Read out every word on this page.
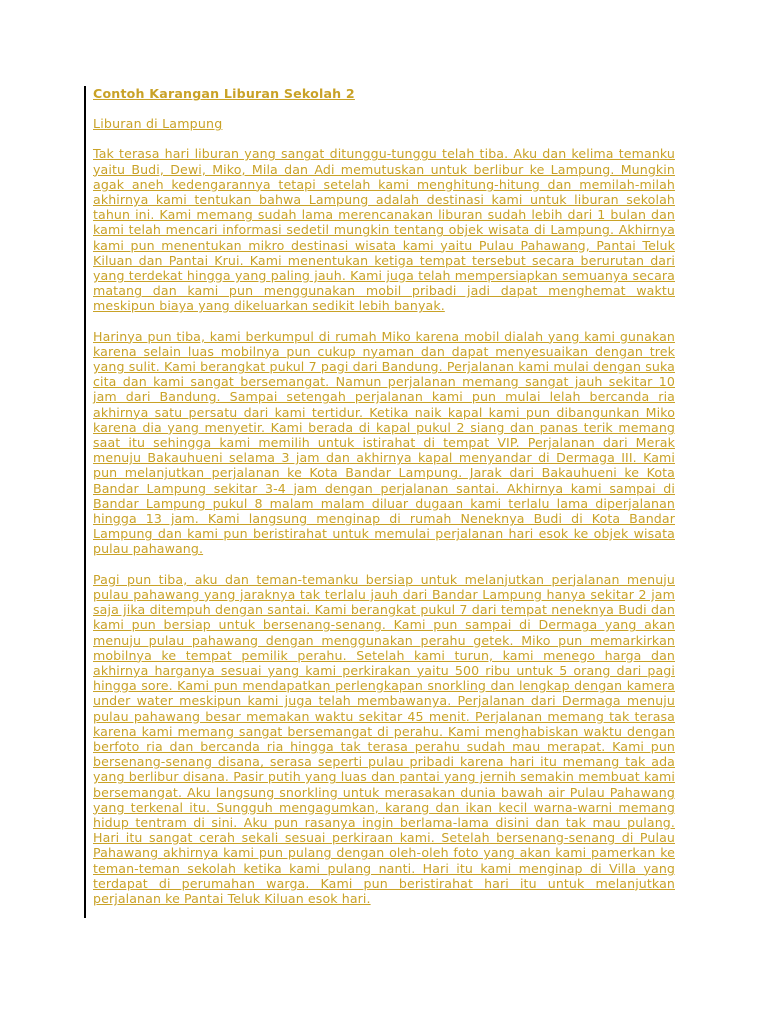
Contoh Karangan Liburan Sekolah 2
Liburan di Lampung
Tak terasa hari liburan yang sangat ditunggu-tunggu telah tiba. Aku dan kelima temanku yaitu Budi, Dewi, Miko, Mila dan Adi memutuskan untuk berlibur ke Lampung. Mungkin agak aneh kedengarannya tetapi setelah kami menghitung-hitung dan memilah-milah akhirnya kami tentukan bahwa Lampung adalah destinasi kami untuk liburan sekolah tahun ini. Kami memang sudah lama merencanakan liburan sudah lebih dari 1 bulan dan kami telah mencari informasi sedetil mungkin tentang objek wisata di Lampung. Akhirnya kami pun menentukan mikro destinasi wisata kami yaitu Pulau Pahawang, Pantai Teluk Kiluan dan Pantai Krui. Kami menentukan ketiga tempat tersebut secara berurutan dari yang terdekat hingga yang paling jauh. Kami juga telah mempersiapkan semuanya secara matang dan kami pun menggunakan mobil pribadi jadi dapat menghemat waktu meskipun biaya yang dikeluarkan sedikit lebih banyak.
Harinya pun tiba, kami berkumpul di rumah Miko karena mobil dialah yang kami gunakan karena selain luas mobilnya pun cukup nyaman dan dapat menyesuaikan dengan trek yang sulit. Kami berangkat pukul 7 pagi dari Bandung. Perjalanan kami mulai dengan suka cita dan kami sangat bersemangat. Namun perjalanan memang sangat jauh sekitar 10 jam dari Bandung. Sampai setengah perjalanan kami pun mulai lelah bercanda ria akhirnya satu persatu dari kami tertidur. Ketika naik kapal kami pun dibangunkan Miko karena dia yang menyetir. Kami berada di kapal pukul 2 siang dan panas terik memang saat itu sehingga kami memilih untuk istirahat di tempat VIP. Perjalanan dari Merak menuju Bakauhueni selama 3 jam dan akhirnya kapal menyandar di Dermaga III. Kami pun melanjutkan perjalanan ke Kota Bandar Lampung. Jarak dari Bakauhueni ke Kota Bandar Lampung sekitar 3-4 jam dengan perjalanan santai. Akhirnya kami sampai di Bandar Lampung pukul 8 malam malam diluar dugaan kami terlalu lama diperjalanan hingga 13 jam. Kami langsung menginap di rumah Neneknya Budi di Kota Bandar Lampung dan kami pun beristirahat untuk memulai perjalanan hari esok ke objek wisata pulau pahawang.
Pagi pun tiba, aku dan teman-temanku bersiap untuk melanjutkan perjalanan menuju pulau pahawang yang jaraknya tak terlalu jauh dari Bandar Lampung hanya sekitar 2 jam saja jika ditempuh dengan santai. Kami berangkat pukul 7 dari tempat neneknya Budi dan kami pun bersiap untuk bersenang-senang. Kami pun sampai di Dermaga yang akan menuju pulau pahawang dengan menggunakan perahu getek. Miko pun memarkirkan mobilnya ke tempat pemilik perahu. Setelah kami turun, kami menego harga dan akhirnya harganya sesuai yang kami perkirakan yaitu 500 ribu untuk 5 orang dari pagi hingga sore. Kami pun mendapatkan perlengkapan snorkling dan lengkap dengan kamera under water meskipun kami juga telah membawanya. Perjalanan dari Dermaga menuju pulau pahawang besar memakan waktu sekitar 45 menit. Perjalanan memang tak terasa karena kami memang sangat bersemangat di perahu. Kami menghabiskan waktu dengan berfoto ria dan bercanda ria hingga tak terasa perahu sudah mau merapat. Kami pun bersenang-senang disana, serasa seperti pulau pribadi karena hari itu memang tak ada yang berlibur disana. Pasir putih yang luas dan pantai yang jernih semakin membuat kami bersemangat. Aku langsung snorkling untuk merasakan dunia bawah air Pulau Pahawang yang terkenal itu. Sungguh mengagumkan, karang dan ikan kecil warna-warni memang hidup tentram di sini. Aku pun rasanya ingin berlama-lama disini dan tak mau pulang. Hari itu sangat cerah sekali sesuai perkiraan kami. Setelah bersenang-senang di Pulau Pahawang akhirnya kami pun pulang dengan oleh-oleh foto yang akan kami pamerkan ke teman-teman sekolah ketika kami pulang nanti. Hari itu kami menginap di Villa yang terdapat di perumahan warga. Kami pun beristirahat hari itu untuk melanjutkan perjalanan ke Pantai Teluk Kiluan esok hari.
